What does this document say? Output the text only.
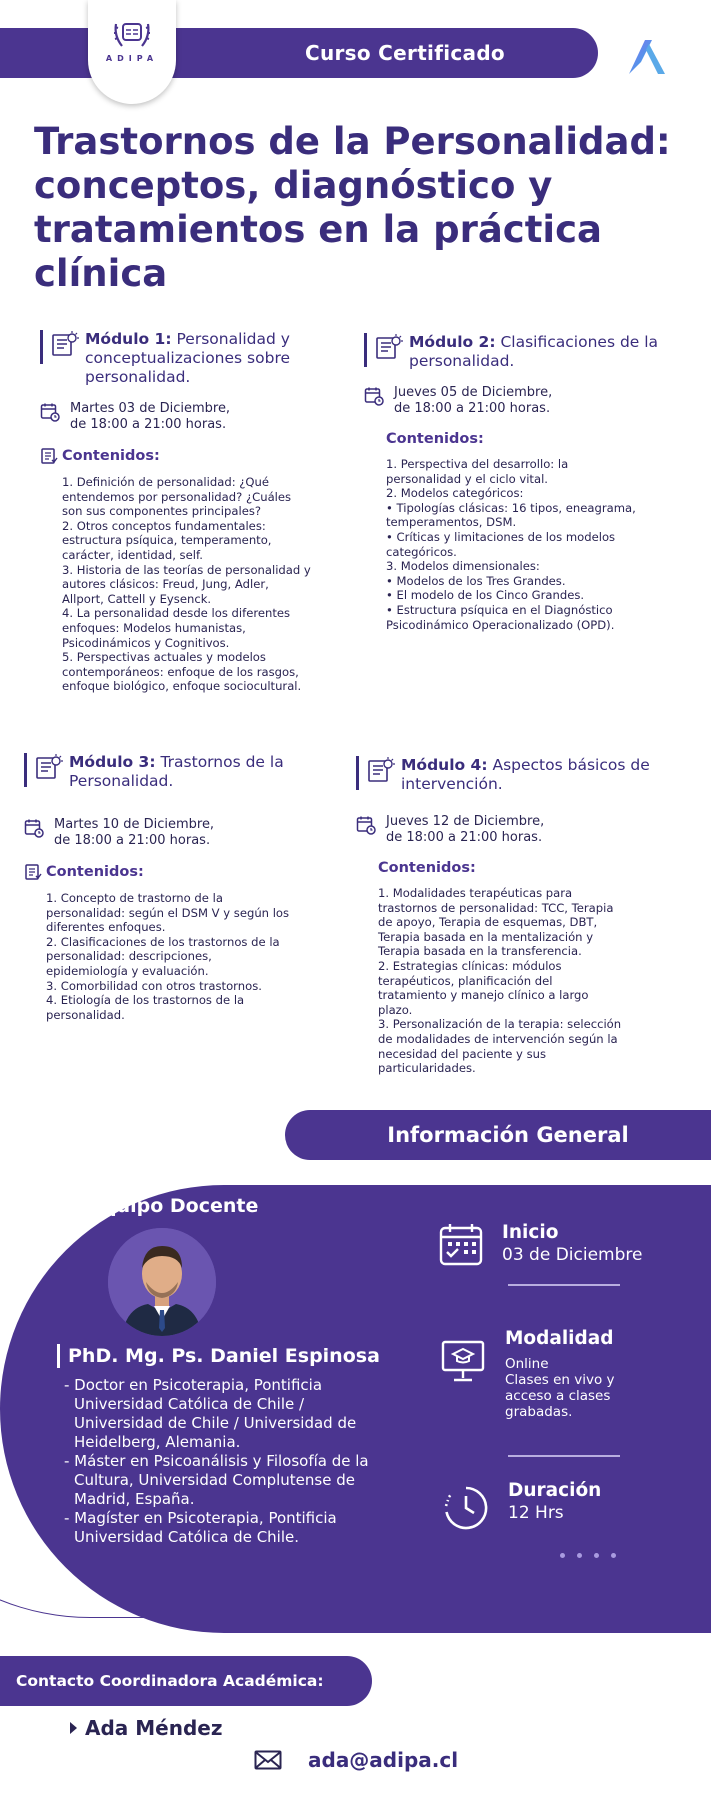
Curso Certificado
ADIPA
Trastornos de la Personalidad: conceptos, diagnóstico y tratamientos en la práctica clínica
Módulo 1: Personalidad y
conceptualizaciones sobre
personalidad.
Martes 03 de Diciembre,
de 18:00 a 21:00 horas.
Contenidos:
1. Definición de personalidad: ¿Qué
entendemos por personalidad? ¿Cuáles
son sus componentes principales?
2. Otros conceptos fundamentales:
estructura psíquica, temperamento,
carácter, identidad, self.
3. Historia de las teorías de personalidad y
autores clásicos: Freud, Jung, Adler,
Allport, Cattell y Eysenck.
4. La personalidad desde los diferentes
enfoques: Modelos humanistas,
Psicodinámicos y Cognitivos.
5. Perspectivas actuales y modelos
contemporáneos: enfoque de los rasgos,
enfoque biológico, enfoque sociocultural.
Módulo 2: Clasificaciones de la
personalidad.
Jueves 05 de Diciembre,
de 18:00 a 21:00 horas.
Contenidos:
1. Perspectiva del desarrollo: la
personalidad y el ciclo vital.
2. Modelos categóricos:
• Tipologías clásicas: 16 tipos, eneagrama,
temperamentos, DSM.
• Críticas y limitaciones de los modelos
categóricos.
3. Modelos dimensionales:
• Modelos de los Tres Grandes.
• El modelo de los Cinco Grandes.
• Estructura psíquica en el Diagnóstico
Psicodinámico Operacionalizado (OPD).
Módulo 3: Trastornos de la
Personalidad.
Martes 10 de Diciembre,
de 18:00 a 21:00 horas.
Contenidos:
1. Concepto de trastorno de la
personalidad: según el DSM V y según los
diferentes enfoques.
2. Clasificaciones de los trastornos de la
personalidad: descripciones,
epidemiología y evaluación.
3. Comorbilidad con otros trastornos.
4. Etiología de los trastornos de la
personalidad.
Módulo 4: Aspectos básicos de
intervención.
Jueves 12 de Diciembre,
de 18:00 a 21:00 horas.
Contenidos:
1. Modalidades terapéuticas para
trastornos de personalidad: TCC, Terapia
de apoyo, Terapia de esquemas, DBT,
Terapia basada en la mentalización y
Terapia basada en la transferencia.
2. Estrategias clínicas: módulos
terapéuticos, planificación del
tratamiento y manejo clínico a largo
plazo.
3. Personalización de la terapia: selección
de modalidades de intervención según la
necesidad del paciente y sus
particularidades.
Información General
Equipo Docente
PhD. Mg. Ps. Daniel Espinosa
- Doctor en Psicoterapia, Pontificia
Universidad Católica de Chile /
Universidad de Chile / Universidad de
Heidelberg, Alemania.
- Máster en Psicoanálisis y Filosofía de la
Cultura, Universidad Complutense de
Madrid, España.
- Magíster en Psicoterapia, Pontificia
Universidad Católica de Chile.
Inicio
03 de Diciembre
Modalidad
Online
Clases en vivo y
acceso a clases
grabadas.
Duración
12 Hrs
Contacto Coordinadora Académica:
Ada Méndez
ada@adipa.cl
